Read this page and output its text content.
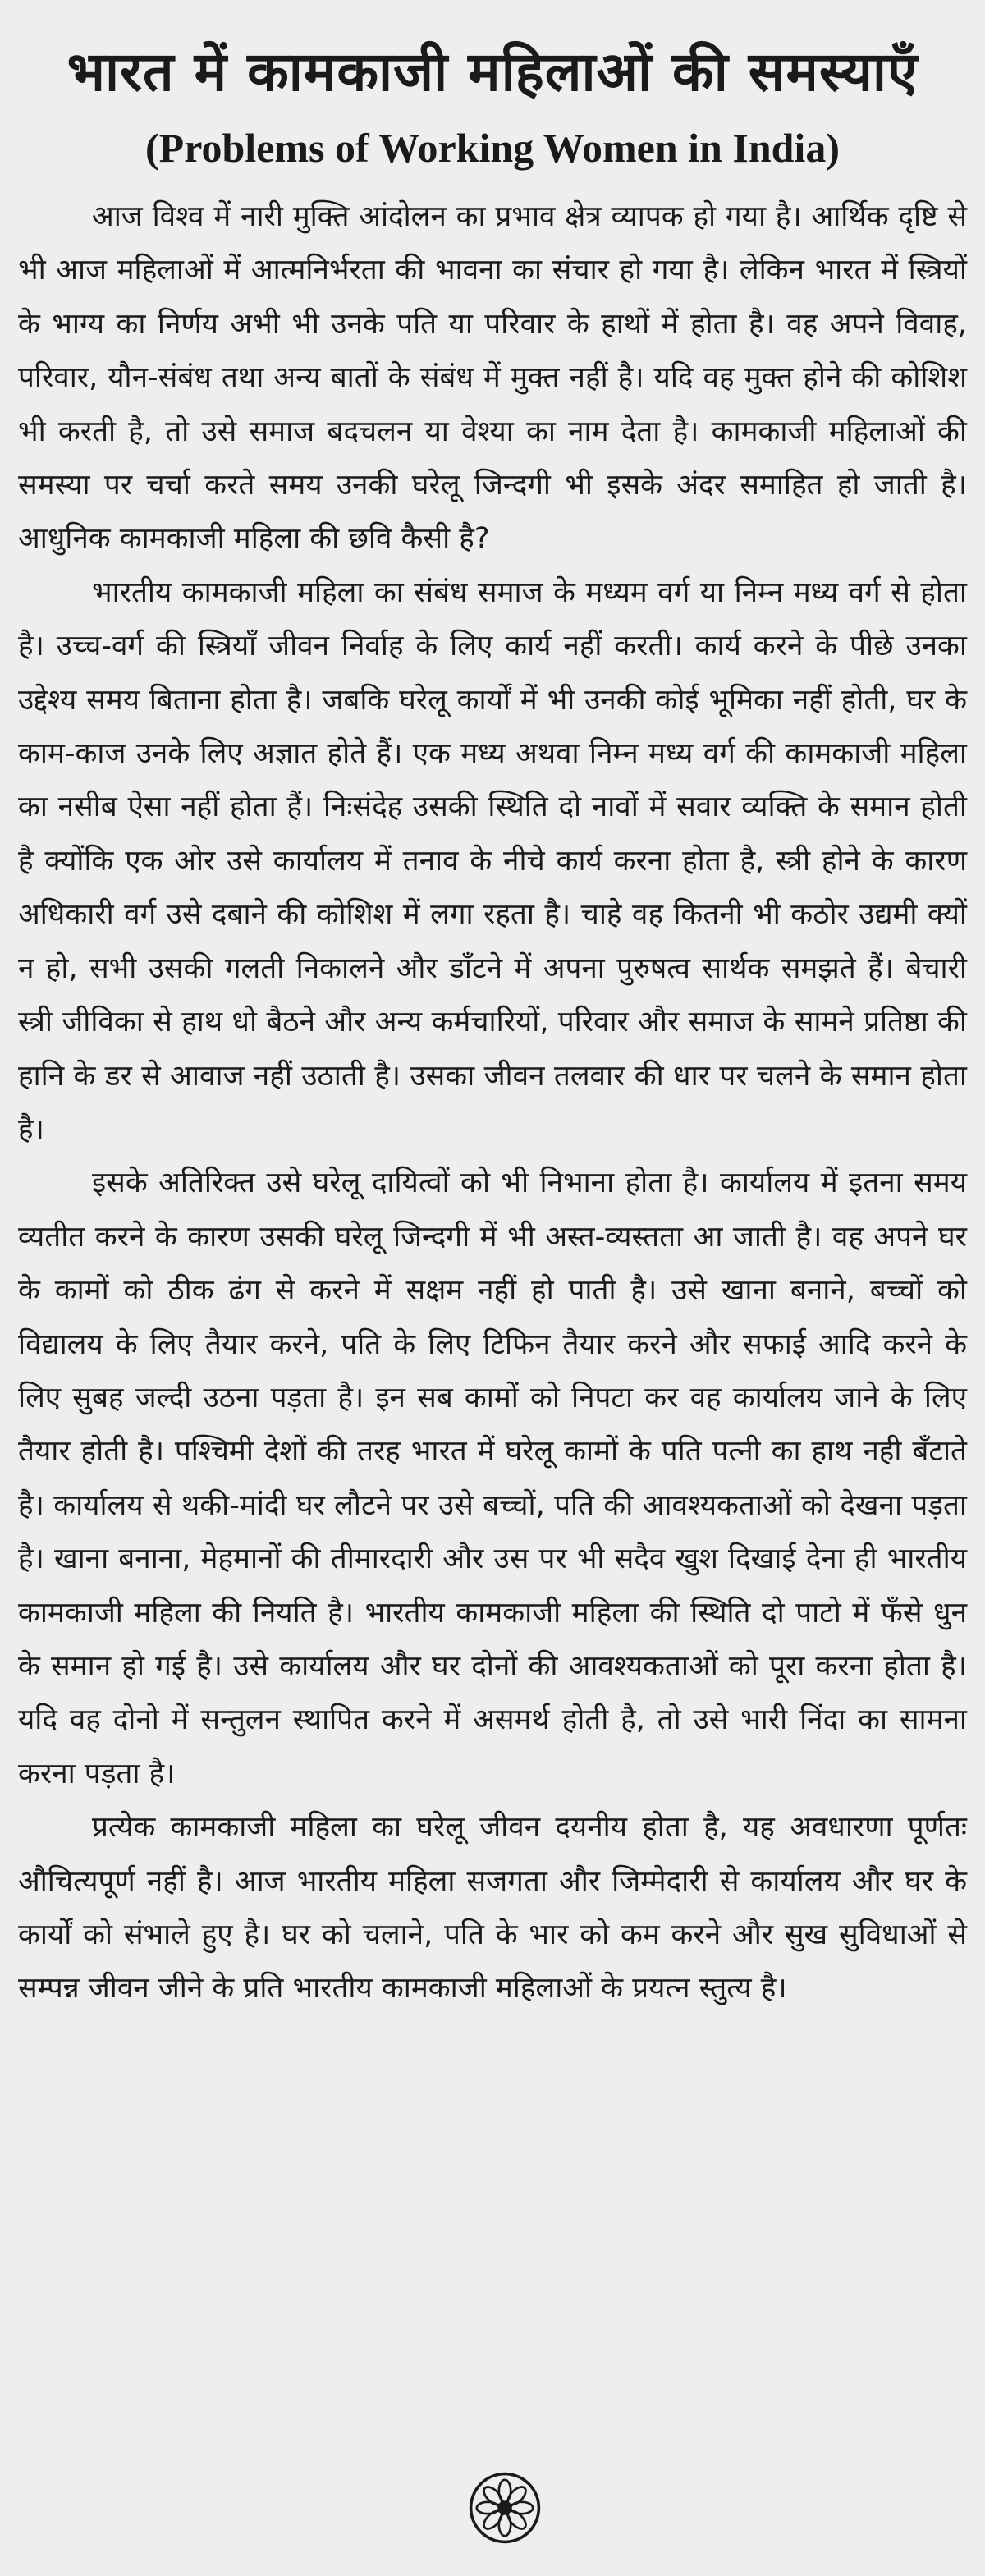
भारत में कामकाजी महिलाओं की समस्याएँ
(Problems of Working Women in India)

आज विश्व में नारी मुक्ति आंदोलन का प्रभाव क्षेत्र व्यापक हो गया है। आर्थिक दृष्टि से भी आज महिलाओं में आत्मनिर्भरता की भावना का संचार हो गया है। लेकिन भारत में स्त्रियों के भाग्य का निर्णय अभी भी उनके पति या परिवार के हाथों में होता है। वह अपने विवाह, परिवार, यौन-संबंध तथा अन्य बातों के संबंध में मुक्त नहीं है। यदि वह मुक्त होने की कोशिश भी करती है, तो उसे समाज बदचलन या वेश्या का नाम देता है। कामकाजी महिलाओं की समस्या पर चर्चा करते समय उनकी घरेलू जिन्दगी भी इसके अंदर समाहित हो जाती है। आधुनिक कामकाजी महिला की छवि कैसी है?

भारतीय कामकाजी महिला का संबंध समाज के मध्यम वर्ग या निम्न मध्य वर्ग से होता है। उच्च-वर्ग की स्त्रियाँ जीवन निर्वाह के लिए कार्य नहीं करती। कार्य करने के पीछे उनका उद्देश्य समय बिताना होता है। जबकि घरेलू कार्यों में भी उनकी कोई भूमिका नहीं होती, घर के काम-काज उनके लिए अज्ञात होते हैं। एक मध्य अथवा निम्न मध्य वर्ग की कामकाजी महिला का नसीब ऐसा नहीं होता हैं। निःसंदेह उसकी स्थिति दो नावों में सवार व्यक्ति के समान होती है क्योंकि एक ओर उसे कार्यालय में तनाव के नीचे कार्य करना होता है, स्त्री होने के कारण अधिकारी वर्ग उसे दबाने की कोशिश में लगा रहता है। चाहे वह कितनी भी कठोर उद्यमी क्यों न हो, सभी उसकी गलती निकालने और डाँटने में अपना पुरुषत्व सार्थक समझते हैं। बेचारी स्त्री जीविका से हाथ धो बैठने और अन्य कर्मचारियों, परिवार और समाज के सामने प्रतिष्ठा की हानि के डर से आवाज नहीं उठाती है। उसका जीवन तलवार की धार पर चलने के समान होता है।

इसके अतिरिक्त उसे घरेलू दायित्वों को भी निभाना होता है। कार्यालय में इतना समय व्यतीत करने के कारण उसकी घरेलू जिन्दगी में भी अस्त-व्यस्तता आ जाती है। वह अपने घर के कामों को ठीक ढंग से करने में सक्षम नहीं हो पाती है। उसे खाना बनाने, बच्चों को विद्यालय के लिए तैयार करने, पति के लिए टिफिन तैयार करने और सफाई आदि करने के लिए सुबह जल्दी उठना पड़ता है। इन सब कामों को निपटा कर वह कार्यालय जाने के लिए तैयार होती है। पश्चिमी देशों की तरह भारत में घरेलू कामों के पति पत्नी का हाथ नही बँटाते है। कार्यालय से थकी-मांदी घर लौटने पर उसे बच्चों, पति की आवश्यकताओं को देखना पड़ता है। खाना बनाना, मेहमानों की तीमारदारी और उस पर भी सदैव खुश दिखाई देना ही भारतीय कामकाजी महिला की नियति है। भारतीय कामकाजी महिला की स्थिति दो पाटो में फँसे धुन के समान हो गई है। उसे कार्यालय और घर दोनों की आवश्यकताओं को पूरा करना होता है। यदि वह दोनो में सन्तुलन स्थापित करने में असमर्थ होती है, तो उसे भारी निंदा का सामना करना पड़ता है।

प्रत्येक कामकाजी महिला का घरेलू जीवन दयनीय होता है, यह अवधारणा पूर्णतः औचित्यपूर्ण नहीं है। आज भारतीय महिला सजगता और जिम्मेदारी से कार्यालय और घर के कार्यों को संभाले हुए है। घर को चलाने, पति के भार को कम करने और सुख सुविधाओं से सम्पन्न जीवन जीने के प्रति भारतीय कामकाजी महिलाओं के प्रयत्न स्तुत्य है।
